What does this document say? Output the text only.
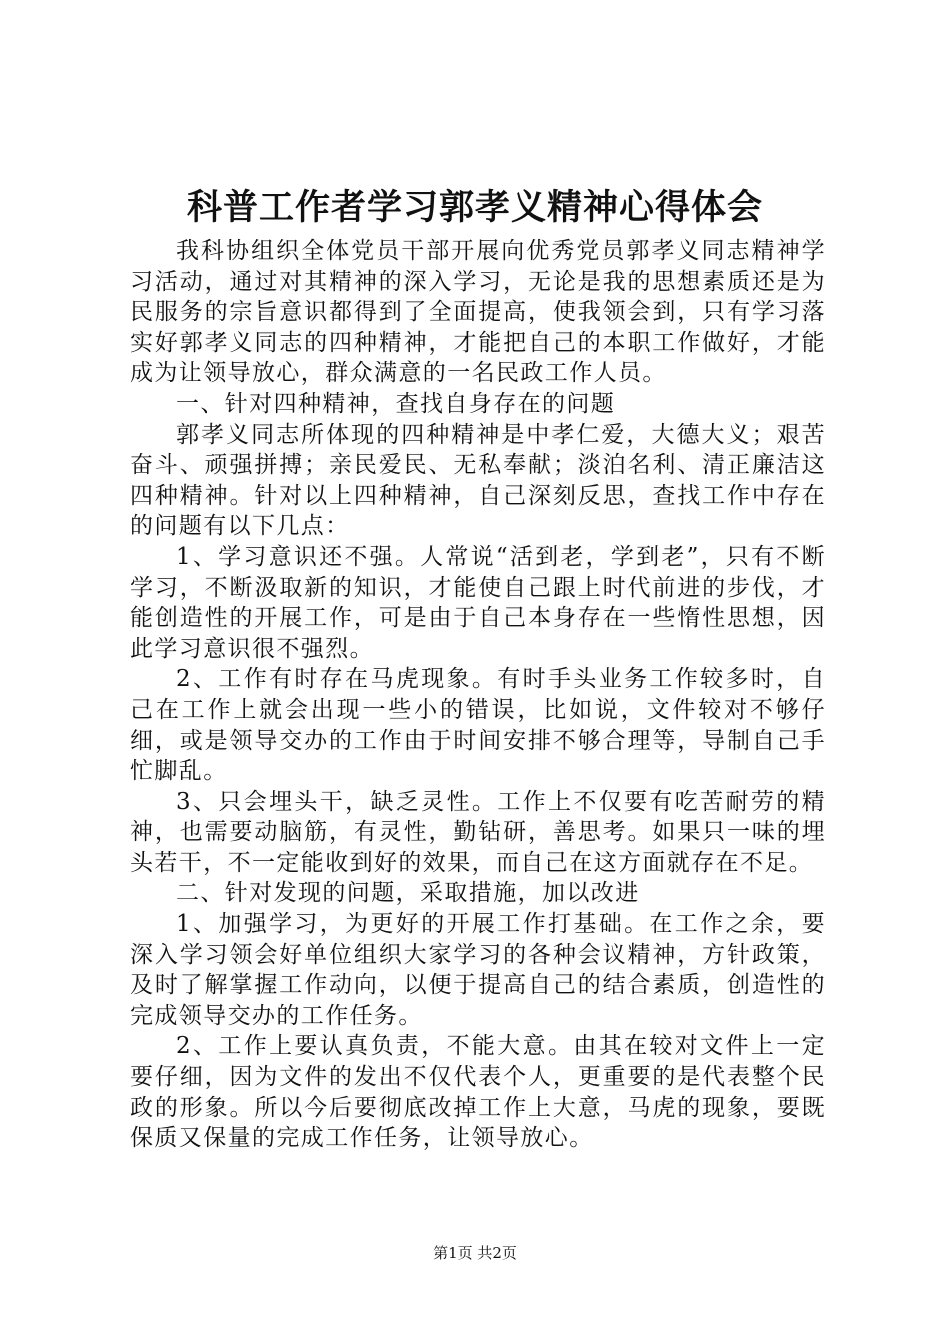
科普工作者学习郭孝义精神心得体会

我科协组织全体党员干部开展向优秀党员郭孝义同志精神学习活动，通过对其精神的深入学习，无论是我的思想素质还是为民服务的宗旨意识都得到了全面提高，使我领会到，只有学习落实好郭孝义同志的四种精神，才能把自己的本职工作做好，才能成为让领导放心，群众满意的一名民政工作人员。

一、针对四种精神，查找自身存在的问题

郭孝义同志所体现的四种精神是中孝仁爱，大德大义；艰苦奋斗、顽强拼搏；亲民爱民、无私奉献；淡泊名利、清正廉洁这四种精神。针对以上四种精神，自己深刻反思，查找工作中存在的问题有以下几点：

1、学习意识还不强。人常说“活到老，学到老”，只有不断学习，不断汲取新的知识，才能使自己跟上时代前进的步伐，才能创造性的开展工作，可是由于自己本身存在一些惰性思想，因此学习意识很不强烈。

2、工作有时存在马虎现象。有时手头业务工作较多时，自己在工作上就会出现一些小的错误，比如说，文件较对不够仔细，或是领导交办的工作由于时间安排不够合理等，导制自己手忙脚乱。

3、只会埋头干，缺乏灵性。工作上不仅要有吃苦耐劳的精神，也需要动脑筋，有灵性，勤钻研，善思考。如果只一味的埋头若干，不一定能收到好的效果，而自己在这方面就存在不足。

二、针对发现的问题，采取措施，加以改进

1、加强学习，为更好的开展工作打基础。在工作之余，要深入学习领会好单位组织大家学习的各种会议精神，方针政策，及时了解掌握工作动向，以便于提高自己的结合素质，创造性的完成领导交办的工作任务。

2、工作上要认真负责，不能大意。由其在较对文件上一定要仔细，因为文件的发出不仅代表个人，更重要的是代表整个民政的形象。所以今后要彻底改掉工作上大意，马虎的现象，要既保质又保量的完成工作任务，让领导放心。

第1页 共2页
